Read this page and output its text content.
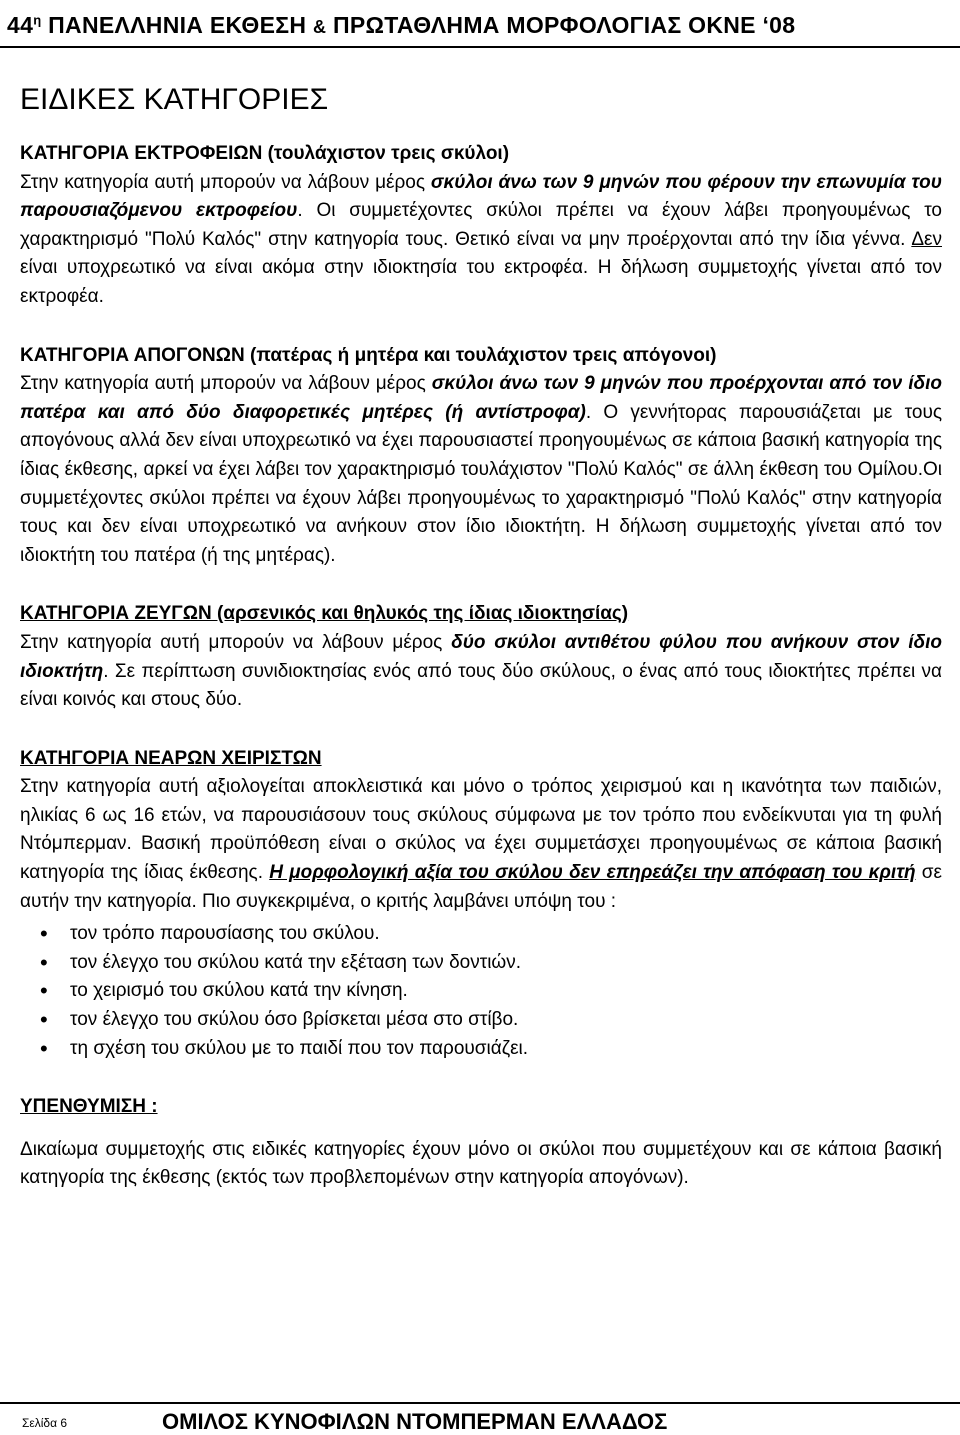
$44^\eta$ ΠΑΝΕΛΛΗΝΙΑ ΕΚΘΕΣΗ & ΠΡΩΤΑΘΛΗΜΑ ΜΟΡΦΟΛΟΓΙΑΣ ΟΚΝΕ ‘08
ΕΙΔΙΚΕΣ ΚΑΤΗΓΟΡΙΕΣ
ΚΑΤΗΓΟΡΙΑ ΕΚΤΡΟΦΕΙΩΝ (τουλάχιστον τρεις σκύλοι)
Στην κατηγορία αυτή μπορούν να λάβουν μέρος σκύλοι άνω των 9 μηνών που φέρουν την επωνυμία του παρουσιαζόμενου εκτροφείου. Οι συμμετέχοντες σκύλοι πρέπει να έχουν λάβει προηγουμένως το χαρακτηρισμό "Πολύ Καλός" στην κατηγορία τους. Θετικό είναι να μην προέρχονται από την ίδια γέννα. Δεν είναι υποχρεωτικό να είναι ακόμα στην ιδιοκτησία του εκτροφέα. Η δήλωση συμμετοχής γίνεται από τον εκτροφέα.
ΚΑΤΗΓΟΡΙΑ ΑΠΟΓΟΝΩΝ (πατέρας ή μητέρα και τουλάχιστον τρεις απόγονοι)
Στην κατηγορία αυτή μπορούν να λάβουν μέρος σκύλοι άνω των 9 μηνών που προέρχονται από τον ίδιο πατέρα και από δύο διαφορετικές μητέρες (ή αντίστροφα). Ο γεννήτορας παρουσιάζεται με τους απογόνους αλλά δεν είναι υποχρεωτικό να έχει παρουσιαστεί προηγουμένως σε κάποια βασική κατηγορία της ίδιας έκθεσης, αρκεί να έχει λάβει τον χαρακτηρισμό τουλάχιστον "Πολύ Καλός" σε άλλη έκθεση του Ομίλου.Οι συμμετέχοντες σκύλοι πρέπει να έχουν λάβει προηγουμένως το χαρακτηρισμό "Πολύ Καλός" στην κατηγορία τους και δεν είναι υποχρεωτικό να ανήκουν στον ίδιο ιδιοκτήτη. Η δήλωση συμμετοχής γίνεται από τον ιδιοκτήτη του πατέρα (ή της μητέρας).
ΚΑΤΗΓΟΡΙΑ ΖΕΥΓΩΝ (αρσενικός και θηλυκός της ίδιας ιδιοκτησίας)
Στην κατηγορία αυτή μπορούν να λάβουν μέρος δύο σκύλοι αντιθέτου φύλου που ανήκουν στον ίδιο ιδιοκτήτη. Σε περίπτωση συνιδιοκτησίας ενός από τους δύο σκύλους, ο ένας από τους ιδιοκτήτες πρέπει να είναι κοινός και στους δύο.
ΚΑΤΗΓΟΡΙΑ ΝΕΑΡΩΝ ΧΕΙΡΙΣΤΩΝ
Στην κατηγορία αυτή αξιολογείται αποκλειστικά και μόνο ο τρόπος χειρισμού και η ικανότητα των παιδιών, ηλικίας 6 ως 16 ετών, να παρουσιάσουν τους σκύλους σύμφωνα με τον τρόπο που ενδείκνυται για τη φυλή Ντόμπερμαν. Βασική προϋπόθεση είναι ο σκύλος να έχει συμμετάσχει προηγουμένως σε κάποια βασική κατηγορία της ίδιας έκθεσης. Η μορφολογική αξία του σκύλου δεν επηρεάζει την απόφαση του κριτή σε αυτήν την κατηγορία. Πιο συγκεκριμένα, ο κριτής λαμβάνει υπόψη του :
• τον τρόπο παρουσίασης του σκύλου.
• τον έλεγχο του σκύλου κατά την εξέταση των δοντιών.
• το χειρισμό του σκύλου κατά την κίνηση.
• τον έλεγχο του σκύλου όσο βρίσκεται μέσα στο στίβο.
• τη σχέση του σκύλου με το παιδί που τον παρουσιάζει.
ΥΠΕΝΘΥΜΙΣΗ :
Δικαίωμα συμμετοχής στις ειδικές κατηγορίες έχουν μόνο οι σκύλοι που συμμετέχουν και σε κάποια βασική κατηγορία της έκθεσης (εκτός των προβλεπομένων στην κατηγορία απογόνων).
Σελίδα 6	ΟΜΙΛΟΣ ΚΥΝΟΦΙΛΩΝ ΝΤΟΜΠΕΡΜΑΝ ΕΛΛΑΔΟΣ
